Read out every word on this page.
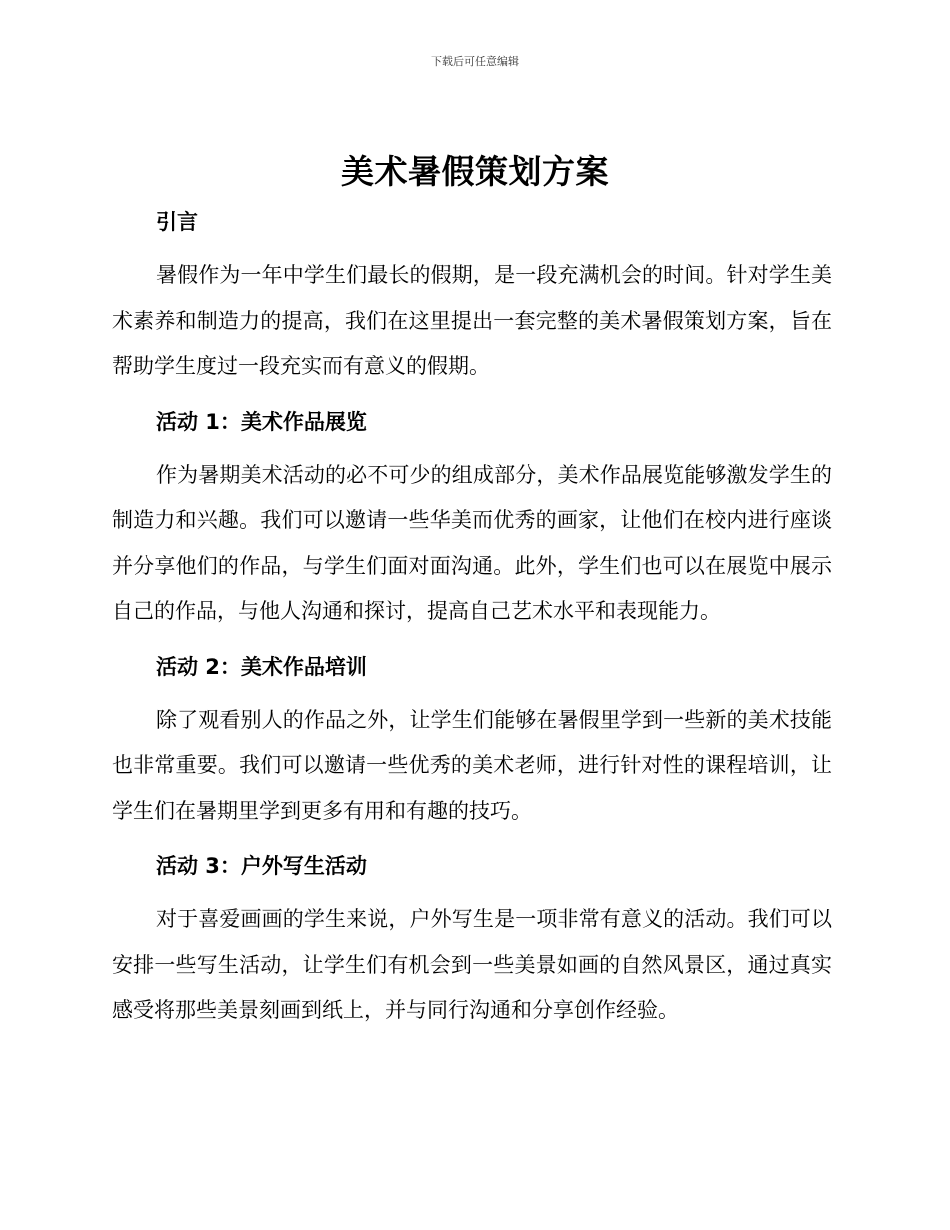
下载后可任意编辑
美术暑假策划方案
引言
暑假作为一年中学生们最长的假期，是一段充满机会的时间。针对学生美术素养和制造力的提高，我们在这里提出一套完整的美术暑假策划方案，旨在帮助学生度过一段充实而有意义的假期。
活动 1：美术作品展览
作为暑期美术活动的必不可少的组成部分，美术作品展览能够激发学生的制造力和兴趣。我们可以邀请一些华美而优秀的画家，让他们在校内进行座谈并分享他们的作品，与学生们面对面沟通。此外，学生们也可以在展览中展示自己的作品，与他人沟通和探讨，提高自己艺术水平和表现能力。
活动 2：美术作品培训
除了观看别人的作品之外，让学生们能够在暑假里学到一些新的美术技能也非常重要。我们可以邀请一些优秀的美术老师，进行针对性的课程培训，让学生们在暑期里学到更多有用和有趣的技巧。
活动 3：户外写生活动
对于喜爱画画的学生来说，户外写生是一项非常有意义的活动。我们可以安排一些写生活动，让学生们有机会到一些美景如画的自然风景区，通过真实感受将那些美景刻画到纸上，并与同行沟通和分享创作经验。
